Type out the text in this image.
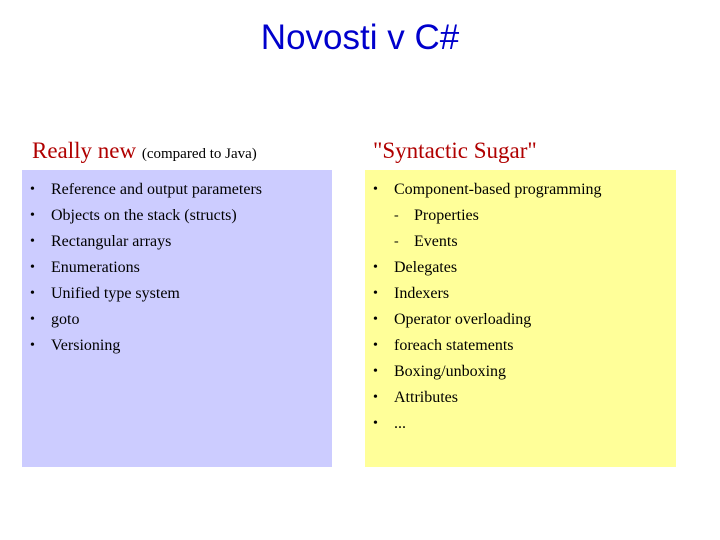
Novosti v C#
Really new (compared to Java)	"Syntactic Sugar"
• Reference and output parameters
• Objects on the stack (structs)
• Rectangular arrays
• Enumerations
• Unified type system
• goto
• Versioning
• Component-based programming
- Properties
- Events
• Delegates
• Indexers
• Operator overloading
• foreach statements
• Boxing/unboxing
• Attributes
• ...
